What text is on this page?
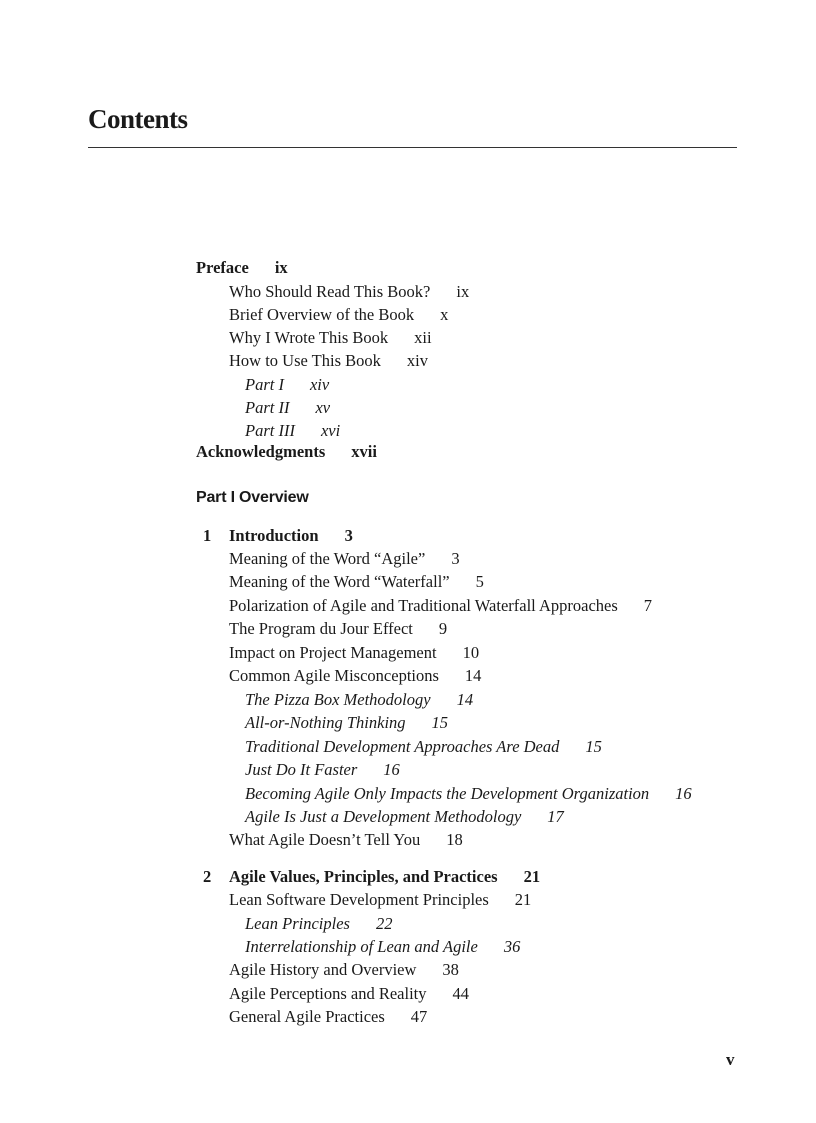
Contents
Preface ix
Who Should Read This Book? ix
Brief Overview of the Book x
Why I Wrote This Book xii
How to Use This Book xiv
Part I xiv
Part II xv
Part III xvi
Acknowledgments xvii
Part I Overview
1 Introduction 3
Meaning of the Word “Agile” 3
Meaning of the Word “Waterfall” 5
Polarization of Agile and Traditional Waterfall Approaches 7
The Program du Jour Effect 9
Impact on Project Management 10
Common Agile Misconceptions 14
The Pizza Box Methodology 14
All-or-Nothing Thinking 15
Traditional Development Approaches Are Dead 15
Just Do It Faster 16
Becoming Agile Only Impacts the Development Organization 16
Agile Is Just a Development Methodology 17
What Agile Doesn’t Tell You 18
2 Agile Values, Principles, and Practices 21
Lean Software Development Principles 21
Lean Principles 22
Interrelationship of Lean and Agile 36
Agile History and Overview 38
Agile Perceptions and Reality 44
General Agile Practices 47
v
